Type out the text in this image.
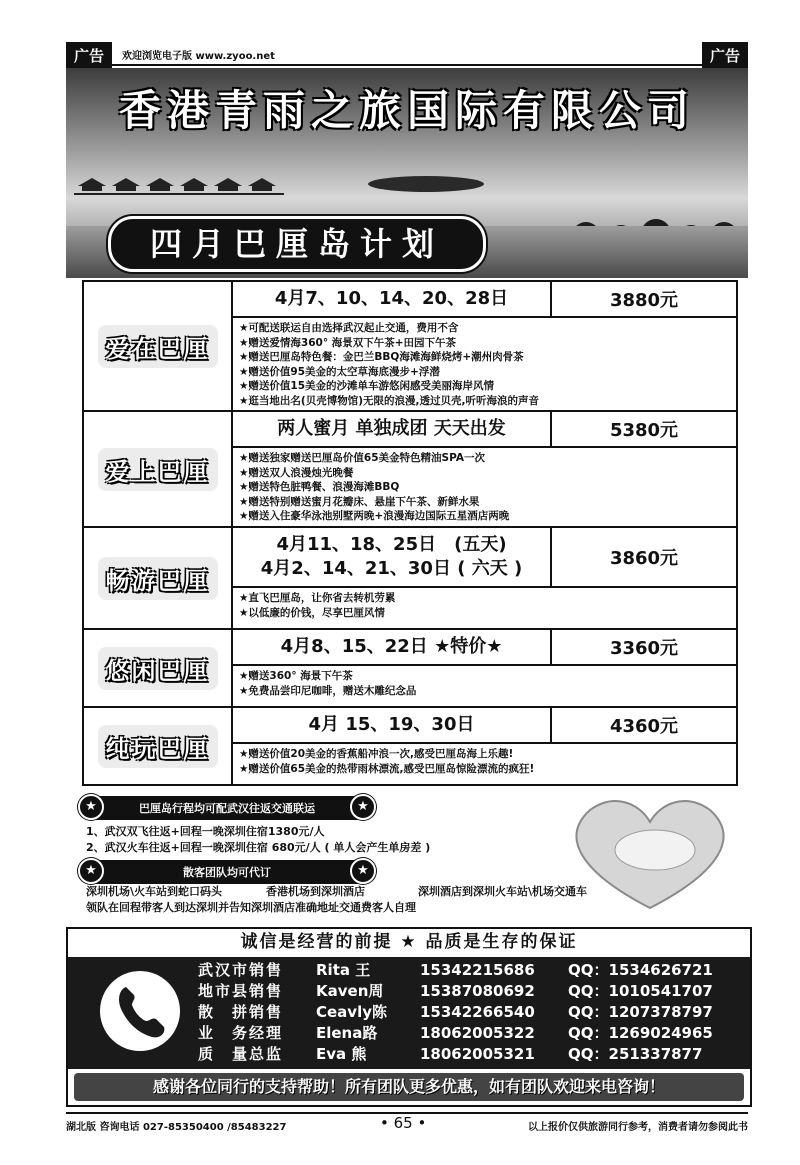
广告	欢迎浏览电子版 www.zyoo.net	广告
香港青雨之旅国际有限公司
四月巴厘岛计划
爱在巴厘
4月7、10、14、20、28日	3880元
★可配送联运自由选择武汉起止交通，费用不含
★赠送爱情海360° 海景双下午茶+田园下午茶
★赠送巴厘岛特色餐：金巴兰BBQ海滩海鲜烧烤+潮州肉骨茶
★赠送价值95美金的太空草海底漫步+浮潜
★赠送价值15美金的沙滩单车游悠闲感受美丽海岸风情
★逛当地出名(贝壳博物馆)无限的浪漫,透过贝壳,听听海浪的声音
爱上巴厘
两人蜜月 单独成团 天天出发	5380元
★赠送独家赠送巴厘岛价值65美金特色精油SPA一次
★赠送双人浪漫烛光晚餐
★赠送特色脏鸭餐、浪漫海滩BBQ
★赠送特别赠送蜜月花瓣床、悬崖下午茶、新鲜水果
★赠送入住豪华泳池别墅两晚+浪漫海边国际五星酒店两晚
畅游巴厘
4月11、18、25日　(五天)
4月2、14、21、30日 ( 六天 )	3860元
★直飞巴厘岛，让你省去转机劳累
★以低廉的价钱，尽享巴厘风情
悠闲巴厘
4月8、15、22日 ★特价★	3360元
★赠送360° 海景下午茶
★免费品尝印尼咖啡，赠送木雕纪念品
纯玩巴厘
4月 15、19、30日	4360元
★赠送价值20美金的香蕉船冲浪一次,感受巴厘岛海上乐趣!
★赠送价值65美金的热带雨林漂流,感受巴厘岛惊险漂流的疯狂!
巴厘岛行程均可配武汉往返交通联运
★	★
1、武汉双飞往返+回程一晚深圳住宿1380元/人
2、武汉火车往返+回程一晚深圳住宿 680元/人 ( 单人会产生单房差 )
散客团队均可代订
★	★
深圳机场\火车站到蛇口码头	香港机场到深圳酒店	深圳酒店到深圳火车站\机场交通车
领队在回程带客人到达深圳并告知深圳酒店准确地址交通费客人自理
诚信是经营的前提 ★ 品质是生存的保证
武汉市销售	Rita 王	15342215686	QQ：1534626721
地市县销售	Kaven周	15387080692	QQ：1010541707
散　拼销售	Ceavly陈	15342266540	QQ：1207378797
业　务经理	Elena路	18062005322	QQ：1269024965
质　量总监	Eva 熊	18062005321	QQ：251337877
感谢各位同行的支持帮助！所有团队更多优惠，如有团队欢迎来电咨询！
湖北版 咨询电话 027-85350400 /85483227	• 65 •	以上报价仅供旅游同行参考，消费者请勿参阅此书
